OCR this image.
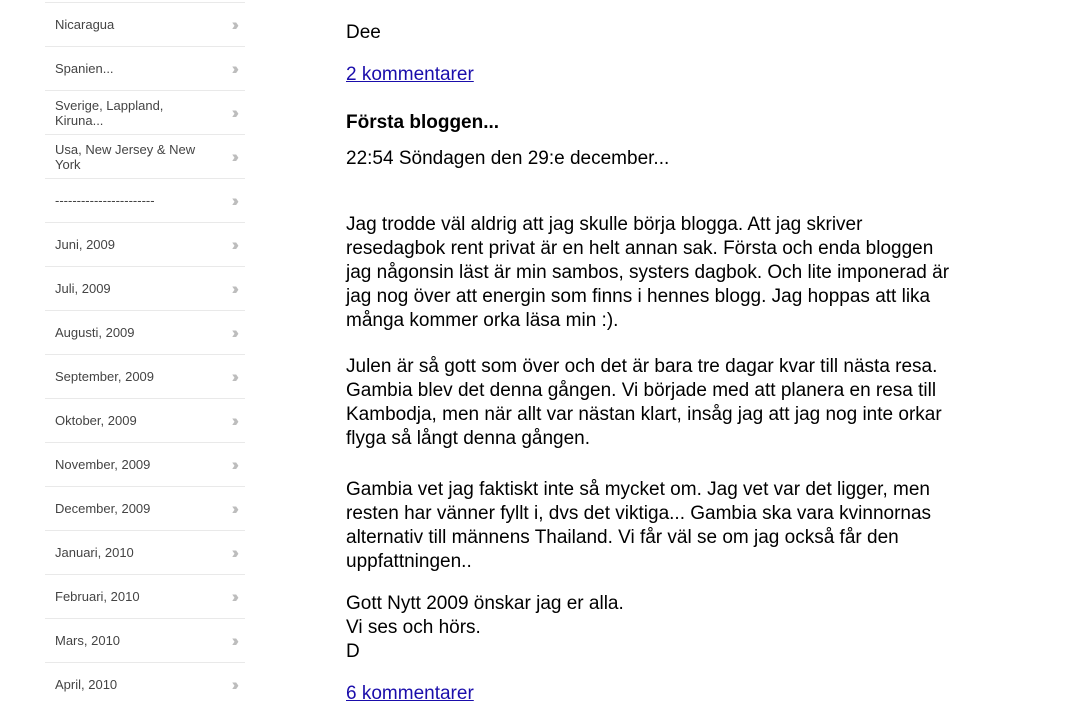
Nicaragua	››
Spanien...	››
Sverige, Lappland, Kiruna...	››
Usa, New Jersey & New York	››
-----------------------	››
Juni, 2009	››
Juli, 2009	››
Augusti, 2009	››
September, 2009	››
Oktober, 2009	››
November, 2009	››
December, 2009	››
Januari, 2010	››
Februari, 2010	››
Mars, 2010	››
April, 2010	››
Dee
2 kommentarer
Första bloggen...
22:54 Söndagen den 29:e december...

Jag trodde väl aldrig att jag skulle börja blogga. Att jag skriver resedagbok rent privat är en helt annan sak. Första och enda bloggen jag någonsin läst är min sambos, systers dagbok. Och lite imponerad är jag nog över att energin som finns i hennes blogg. Jag hoppas att lika många kommer orka läsa min :).

Julen är så gott som över och det är bara tre dagar kvar till nästa resa. Gambia blev det denna gången. Vi började med att planera en resa till Kambodja, men när allt var nästan klart, insåg jag att jag nog inte orkar flyga så långt denna gången.

Gambia vet jag faktiskt inte så mycket om. Jag vet var det ligger, men resten har vänner fyllt i, dvs det viktiga... Gambia ska vara kvinnornas alternativ till männens Thailand. Vi får väl se om jag också får den uppfattningen..

Gott Nytt 2009 önskar jag er alla.
Vi ses och hörs.
D
6 kommentarer
